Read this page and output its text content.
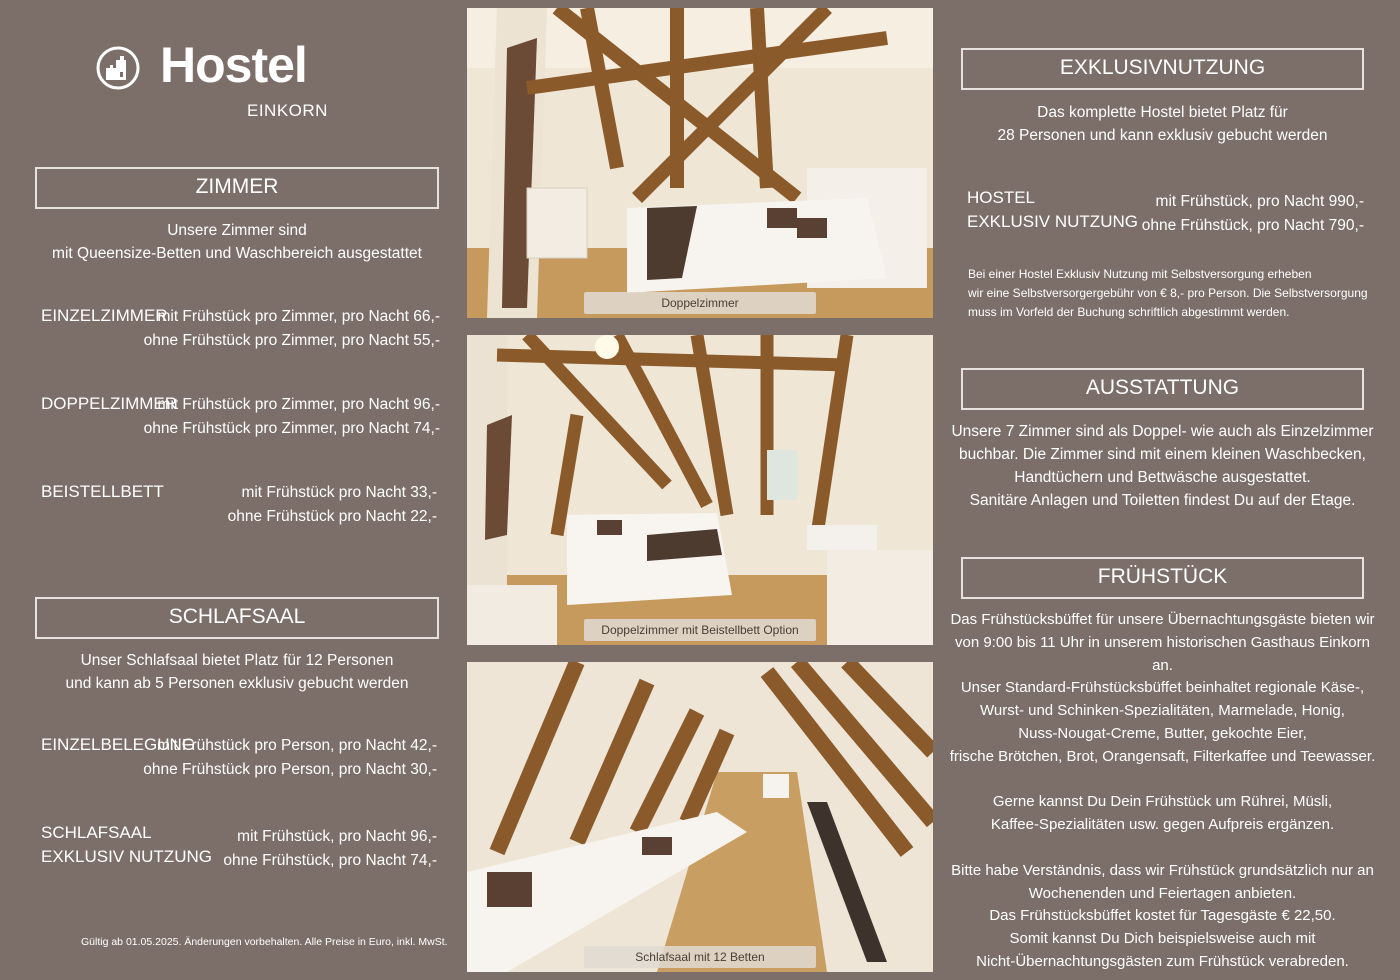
Hostel
EINKORN
ZIMMER
Unsere Zimmer sind
mit Queensize-Betten und Waschbereich ausgestattet
EINZELZIMMER
mit Frühstück pro Zimmer, pro Nacht 66,-
ohne Frühstück pro Zimmer, pro Nacht 55,-
DOPPELZIMMER
mit Frühstück pro Zimmer, pro Nacht 96,-
ohne Frühstück pro Zimmer, pro Nacht 74,-
BEISTELLBETT	mit Frühstück pro Nacht 33,-
ohne Frühstück pro Nacht 22,-
SCHLAFSAAL
Unser Schlafsaal bietet Platz für 12 Personen
und kann ab 5 Personen exklusiv gebucht werden
EINZELBELEGUNG
mit Frühstück pro Person, pro Nacht 42,-
ohne Frühstück pro Person, pro Nacht 30,-
SCHLAFSAAL
EXKLUSIV NUTZUNG
mit Frühstück, pro Nacht 96,-
ohne Frühstück, pro Nacht 74,-
Gültig ab 01.05.2025. Änderungen vorbehalten. Alle Preise in Euro, inkl. MwSt.
Doppelzimmer
Doppelzimmer mit Beistellbett Option
Schlafsaal mit 12 Betten
EXKLUSIVNUTZUNG
Das komplette Hostel bietet Platz für
28 Personen und kann exklusiv gebucht werden
HOSTEL
EXKLUSIV NUTZUNG
mit Frühstück, pro Nacht 990,-
ohne Frühstück, pro Nacht 790,-
Bei einer Hostel Exklusiv Nutzung mit Selbstversorgung erheben
wir eine Selbstversorgergebühr von € 8,- pro Person. Die Selbstversorgung
muss im Vorfeld der Buchung schriftlich abgestimmt werden.
AUSSTATTUNG
Unsere 7 Zimmer sind als Doppel- wie auch als Einzelzimmer
buchbar. Die Zimmer sind mit einem kleinen Waschbecken,
Handtüchern und Bettwäsche ausgestattet.
Sanitäre Anlagen und Toiletten findest Du auf der Etage.
FRÜHSTÜCK
Das Frühstücksbüffet für unsere Übernachtungsgäste bieten wir
von 9:00 bis 11 Uhr in unserem historischen Gasthaus Einkorn an.
Unser Standard-Frühstücksbüffet beinhaltet regionale Käse-,
Wurst- und Schinken-Spezialitäten, Marmelade, Honig,
Nuss-Nougat-Creme, Butter, gekochte Eier,
frische Brötchen, Brot, Orangensaft, Filterkaffee und Teewasser.
Gerne kannst Du Dein Frühstück um Rührei, Müsli,
Kaffee-Spezialitäten usw. gegen Aufpreis ergänzen.
Bitte habe Verständnis, dass wir Frühstück grundsätzlich nur an
Wochenenden und Feiertagen anbieten.
Das Frühstücksbüffet kostet für Tagesgäste € 22,50.
Somit kannst Du Dich beispielsweise auch mit
Nicht-Übernachtungsgästen zum Frühstück verabreden.
